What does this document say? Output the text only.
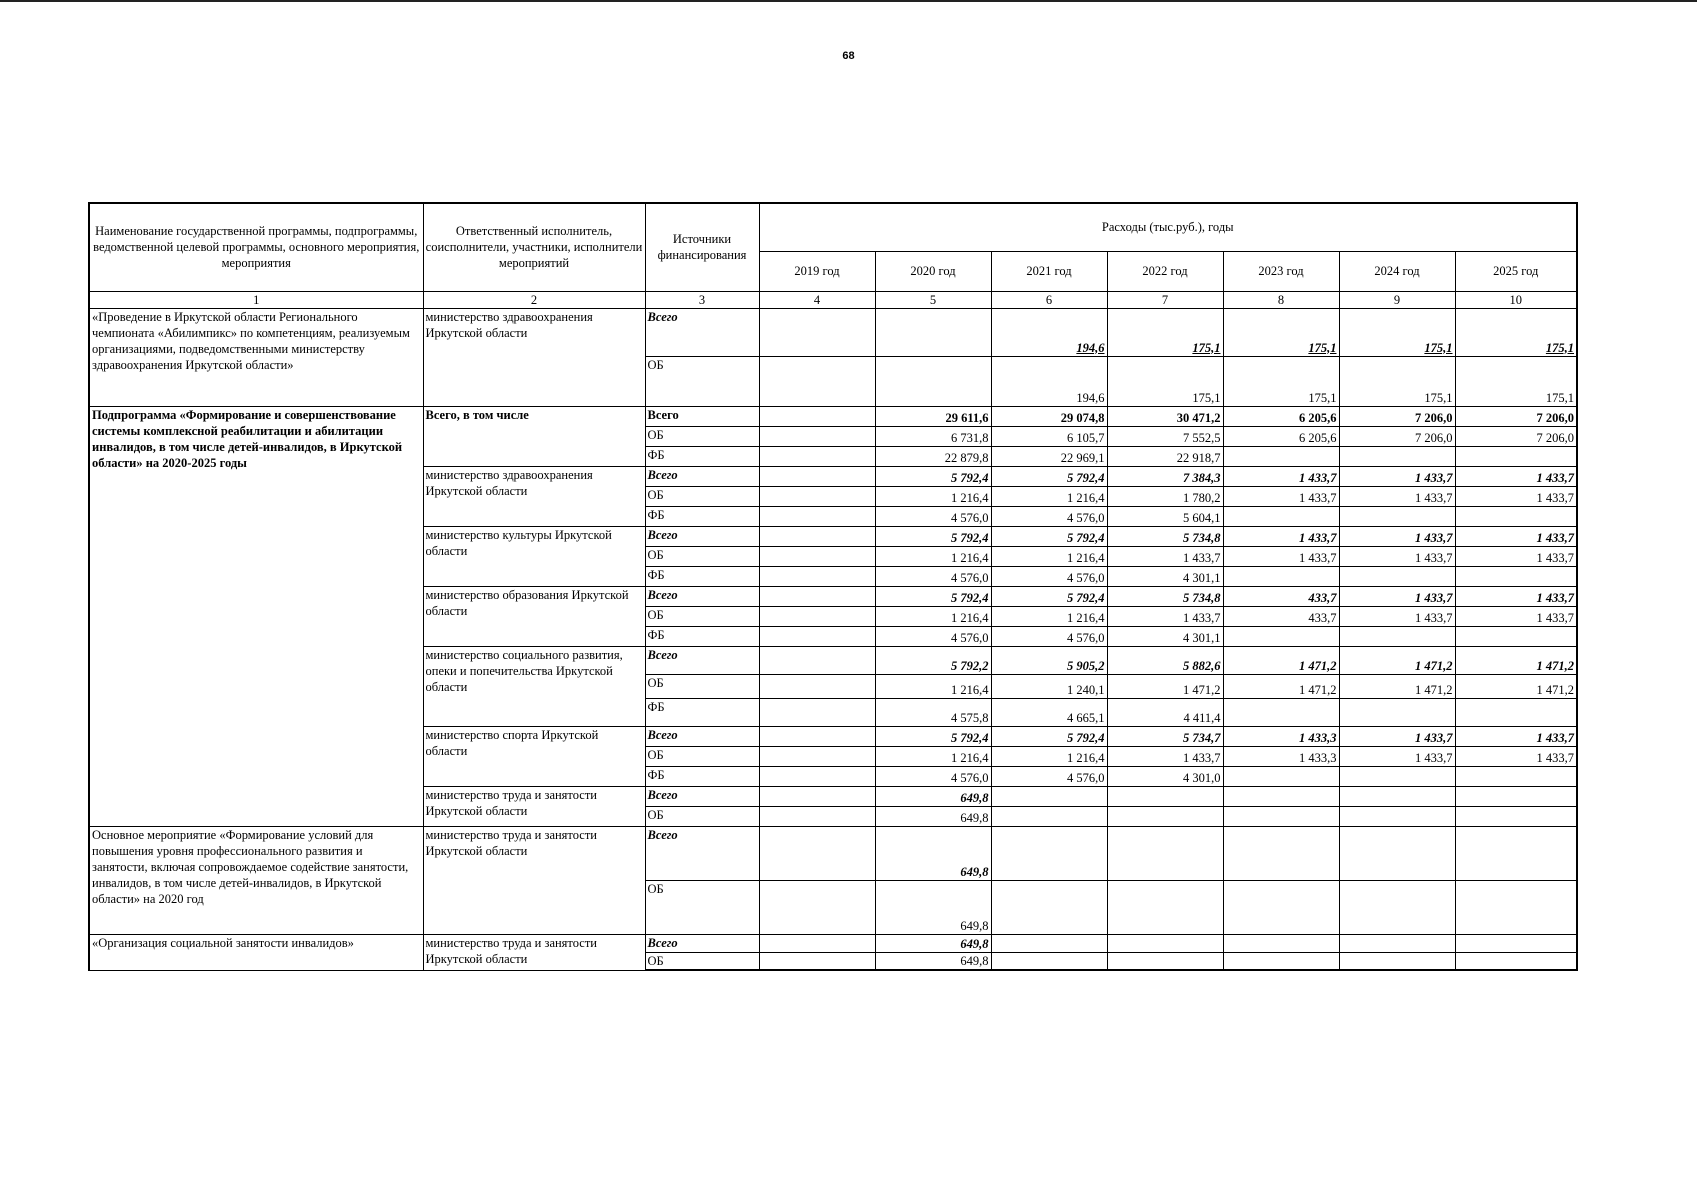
68
Наименование государственной программы, подпрограммы, ведомственной целевой программы, основного мероприятия, мероприятия	Ответственный исполнитель, соисполнители, участники, исполнители мероприятий	Источники финансирования	Расходы (тыс.руб.), годы						
			2019 год	2020 год	2021 год	2022 год	2023 год	2024 год	2025 год
1	2	3	4	5	6	7	8	9	10
«Проведение в Иркутской области Регионального чемпионата «Абилимпикс» по компетенциям, реализуемым организациями, подведомственными министерству здравоохранения Иркутской области»	министерство здравоохранения Иркутской области	Всего			194,6	175,1	175,1	175,1	175,1
		ОБ			194,6	175,1	175,1	175,1	175,1
Подпрограмма «Формирование и совершенствование системы комплексной реабилитации и абилитации инвалидов, в том числе детей-инвалидов, в Иркутской области» на 2020-2025 годы	Всего, в том числе	Всего		29 611,6	29 074,8	30 471,2	6 205,6	7 206,0	7 206,0
		ОБ		6 731,8	6 105,7	7 552,5	6 205,6	7 206,0	7 206,0
		ФБ		22 879,8	22 969,1	22 918,7			
	министерство здравоохранения Иркутской области	Всего		5 792,4	5 792,4	7 384,3	1 433,7	1 433,7	1 433,7
		ОБ		1 216,4	1 216,4	1 780,2	1 433,7	1 433,7	1 433,7
		ФБ		4 576,0	4 576,0	5 604,1			
	министерство культуры Иркутской области	Всего		5 792,4	5 792,4	5 734,8	1 433,7	1 433,7	1 433,7
		ОБ		1 216,4	1 216,4	1 433,7	1 433,7	1 433,7	1 433,7
		ФБ		4 576,0	4 576,0	4 301,1			
	министерство образования Иркутской области	Всего		5 792,4	5 792,4	5 734,8	433,7	1 433,7	1 433,7
		ОБ		1 216,4	1 216,4	1 433,7	433,7	1 433,7	1 433,7
		ФБ		4 576,0	4 576,0	4 301,1			
	министерство социального развития, опеки и попечительства Иркутской области	Всего		5 792,2	5 905,2	5 882,6	1 471,2	1 471,2	1 471,2
		ОБ		1 216,4	1 240,1	1 471,2	1 471,2	1 471,2	1 471,2
		ФБ		4 575,8	4 665,1	4 411,4			
	министерство спорта Иркутской области	Всего		5 792,4	5 792,4	5 734,7	1 433,3	1 433,7	1 433,7
		ОБ		1 216,4	1 216,4	1 433,7	1 433,3	1 433,7	1 433,7
		ФБ		4 576,0	4 576,0	4 301,0			
	министерство труда и занятости Иркутской области	Всего		649,8					
		ОБ		649,8					
Основное мероприятие «Формирование условий для повышения уровня профессионального развития и занятости, включая сопровождаемое содействие занятости, инвалидов, в том числе детей-инвалидов, в Иркутской области» на 2020 год	министерство труда и занятости Иркутской области	Всего		649,8					
		ОБ		649,8					
«Организация социальной занятости инвалидов»	министерство труда и занятости Иркутской области	Всего		649,8					
		ОБ		649,8					
